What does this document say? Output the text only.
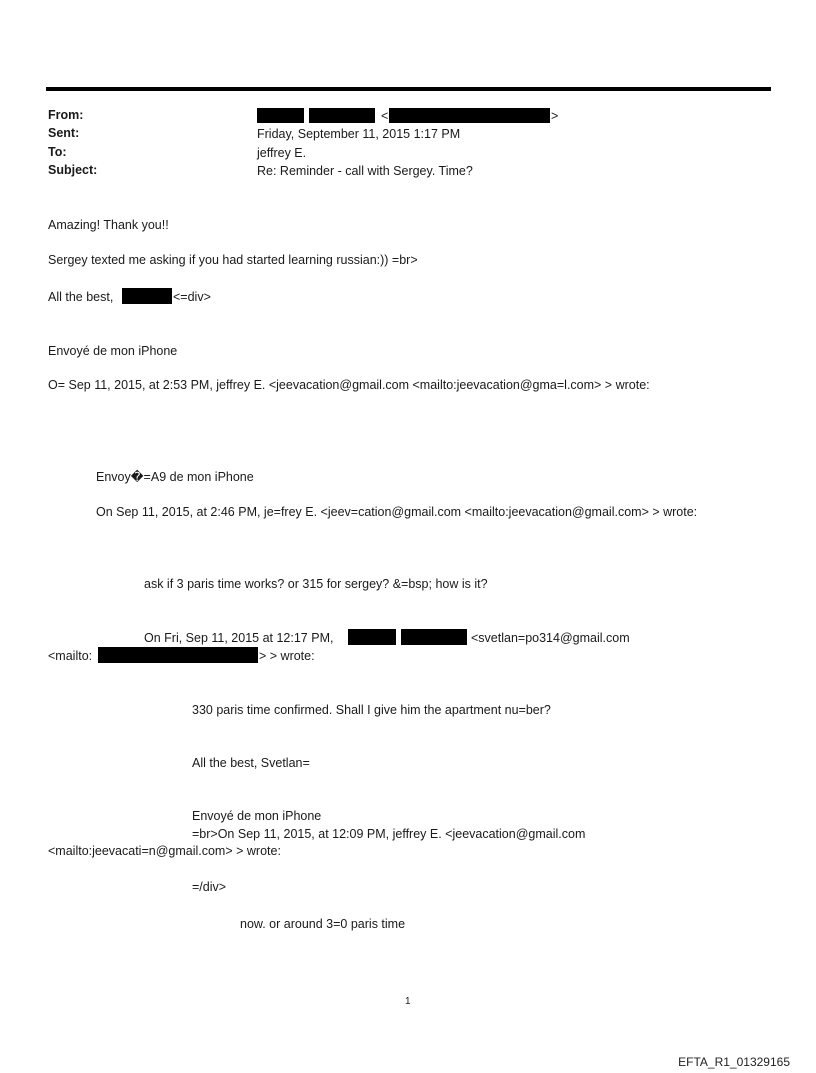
From:	<	>
Sent:	Friday, September 11, 2015 1:17 PM
To:	jeffrey E.
Subject:	Re: Reminder - call with Sergey. Time?
Amazing! Thank you!!
Sergey texted me asking if you had started learning russian:)) =br>
All the best,	<=div>
Envoyé de mon iPhone
O= Sep 11, 2015, at 2:53 PM, jeffrey E. <jeevacation@gmail.com <mailto:jeevacation@gma=l.com> > wrote:
Envoy�=A9 de mon iPhone
On Sep 11, 2015, at 2:46 PM, je=frey E. <jeev=cation@gmail.com <mailto:jeevacation@gmail.com> > wrote:
ask if 3 paris time works? or 315 for sergey? &=bsp; how is it?
On Fri, Sep 11, 2015 at 12:17 PM,	<svetlan=po314@gmail.com
<mailto:	> > wrote:
330 paris time confirmed. Shall I give him the apartment nu=ber?
All the best, Svetlan=
Envoyé de mon iPhone
=br>On Sep 11, 2015, at 12:09 PM, jeffrey E. <jeevacation@gmail.com
<mailto:jeevacati=n@gmail.com> > wrote:
=/div>
now. or around 3=0 paris time
1
EFTA_R1_01329165
